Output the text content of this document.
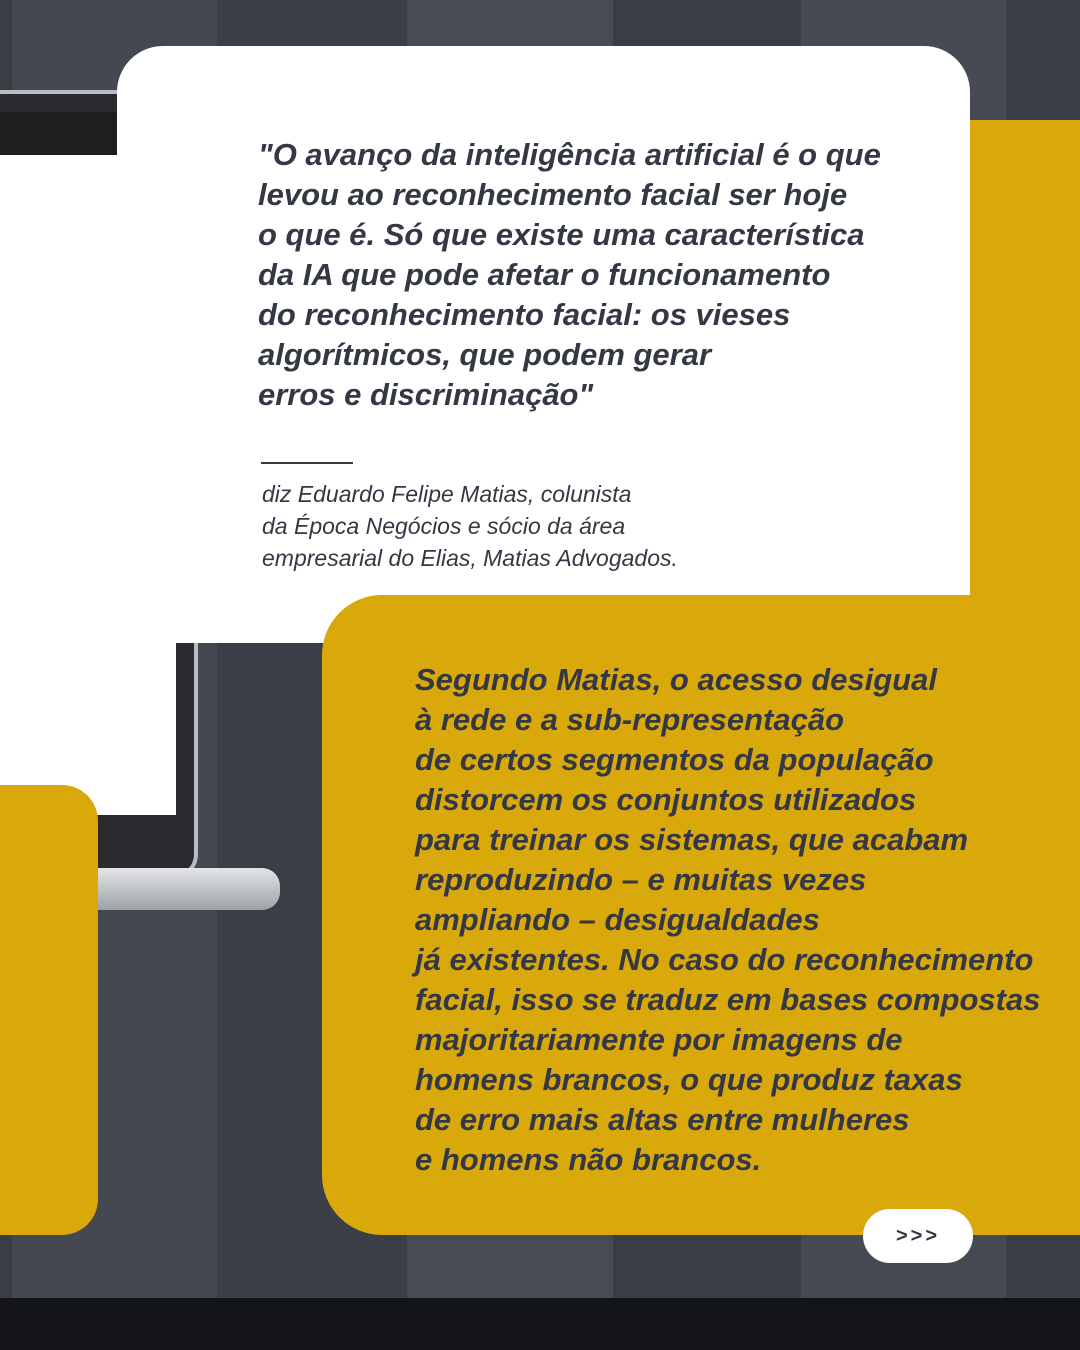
"O avanço da inteligência artificial é o que
levou ao reconhecimento facial ser hoje
o que é. Só que existe uma característica
da IA que pode afetar o funcionamento
do reconhecimento facial: os vieses
algorítmicos, que podem gerar
erros e discriminação"
diz Eduardo Felipe Matias, colunista
da Época Negócios e sócio da área
empresarial do Elias, Matias Advogados.
Segundo Matias, o acesso desigual
à rede e a sub-representação
de certos segmentos da população
distorcem os conjuntos utilizados
para treinar os sistemas, que acabam
reproduzindo – e muitas vezes
ampliando – desigualdades
já existentes. No caso do reconhecimento
facial, isso se traduz em bases compostas
majoritariamente por imagens de
homens brancos, o que produz taxas
de erro mais altas entre mulheres
e homens não brancos.
>>>
